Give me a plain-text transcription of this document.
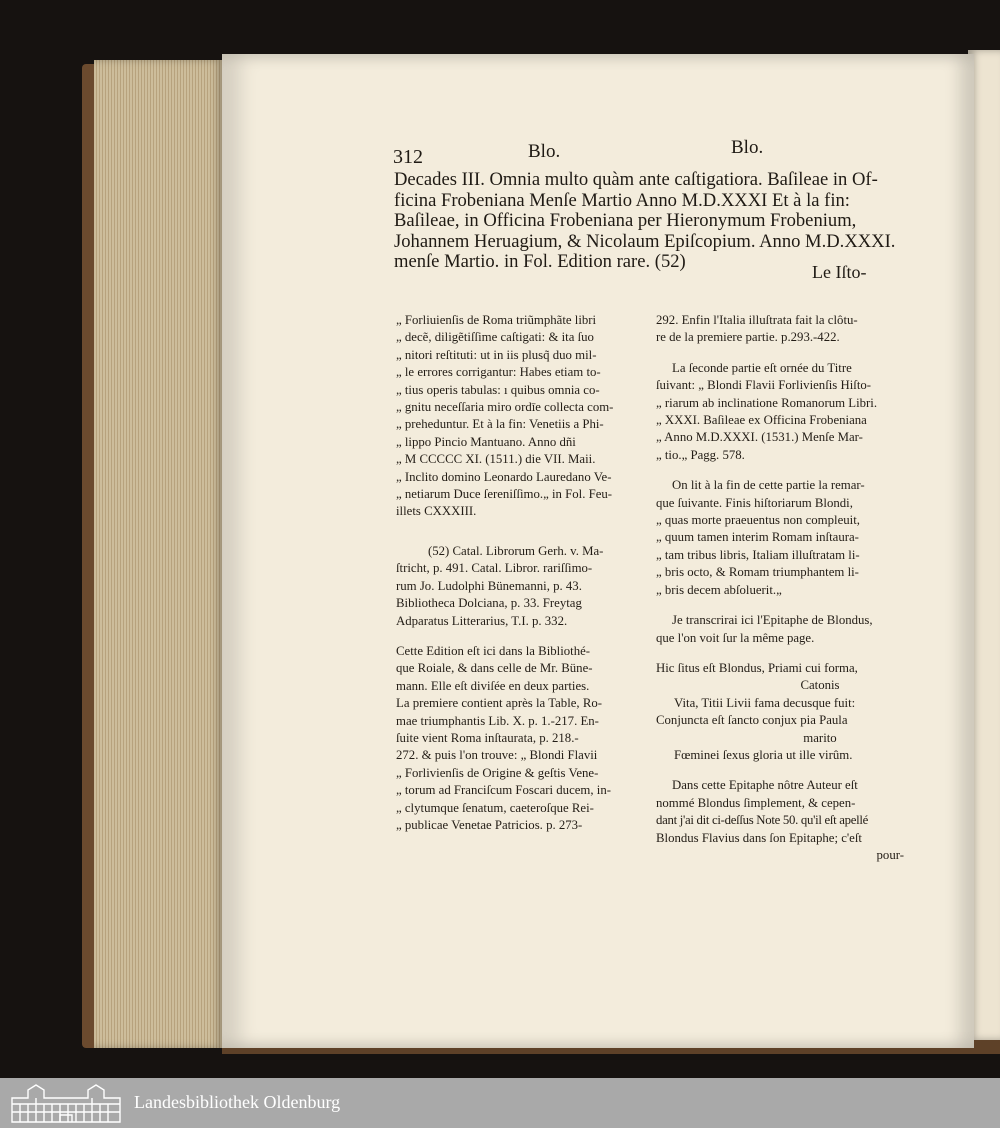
312	Blo.	Blo.
Decades III. Omnia multo quàm ante caſtigatiora. Baſileae in Of-
ficina Frobeniana Menſe Martio Anno M.D.XXXI Et à la fin:
Baſileae, in Officina Frobeniana per Hieronymum Frobenium,
Johannem Heruagium, & Nicolaum Epiſcopium. Anno M.D.XXXI.
menſe Martio. in Fol. Edition rare. (52)	Le Iſto-

„ Forliuienſis de Roma triũmphãte libri
„ decẽ, diligẽtiſſime caſtigati: & ita ſuo
„ nitori reſtituti: ut in iis plusq̃ duo mil-
„ le errores corrigantur: Habes etiam to-
„ tius operis tabulas: ı quibus omnia co-
„ gnitu neceſſaria miro ordīe collecta com-
„ preheduntur. Et à la fin: Venetiis a Phi-
„ lippo Pincio Mantuano. Anno dñi
„ M CCCCC XI. (1511.) die VII. Maii.
„ Inclito domino Leonardo Lauredano Ve-
„ netiarum Duce ſereniſſimo.„ in Fol. Feu-
illets CXXXIII.

(52) Catal. Librorum Gerh. v. Ma-
ſtricht, p. 491. Catal. Libror. rariſſimo-
rum Jo. Ludolphi Bünemanni, p. 43.
Bibliotheca Dolciana, p. 33. Freytag
Adparatus Litterarius, T.I. p. 332.

Cette Edition eſt ici dans la Bibliothé-
que Roiale, & dans celle de Mr. Büne-
mann. Elle eſt diviſée en deux parties.
La premiere contient après la Table, Ro-
mae triumphantis Lib. X. p. 1.-217. En-
ſuite vient Roma inſtaurata, p. 218.-
272. & puis l'on trouve: „ Blondi Flavii
„ Forlivienſis de Origine & geſtis Vene-
„ torum ad Franciſcum Foscari ducem, in-
„ clytumque ſenatum, caeteroſque Rei-
„ publicae Venetae Patricios. p. 273-

292. Enfin l'Italia illuſtrata fait la clôtu-
re de la premiere partie. p.293.-422.

La ſeconde partie eſt ornée du Titre
ſuivant: „ Blondi Flavii Forlivienſis Hiſto-
„ riarum ab inclinatione Romanorum Libri.
„ XXXI. Baſileae ex Officina Frobeniana
„ Anno M.D.XXXI. (1531.) Menſe Mar-
„ tio.„ Pagg. 578.

On lit à la fin de cette partie la remar-
que ſuivante. Finis hiſtoriarum Blondi,
„ quas morte praeuentus non compleuit,
„ quum tamen interim Romam inſtaura-
„ tam tribus libris, Italiam illuſtratam li-
„ bris octo, & Romam triumphantem li-
„ bris decem abſoluerit.„

Je transcrirai ici l'Epitaphe de Blondus,
que l'on voit ſur la même page.

Hic ſitus eſt Blondus, Priami cui forma,
Catonis
Vita, Titii Livii fama decusque fuit:
Conjuncta eſt ſancto conjux pia Paula
marito
Fœminei ſexus gloria ut ille virûm.

Dans cette Epitaphe nôtre Auteur eſt
nommé Blondus ſimplement, & cepen-
dant j'ai dit ci-deſſus Note 50. qu'il eſt apellé
Blondus Flavius dans ſon Epitaphe; c'eſt
pour-

Landesbibliothek Oldenburg
